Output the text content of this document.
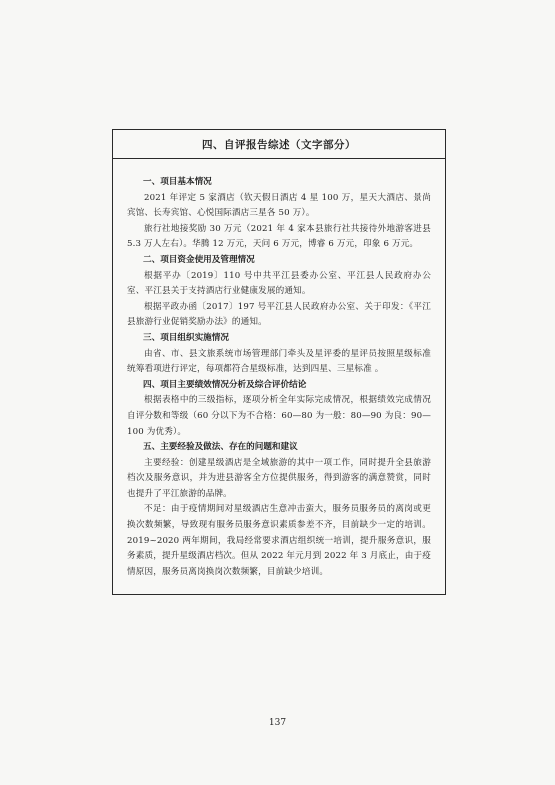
四、自评报告综述（文字部分）
一、项目基本情况
2021 年评定 5 家酒店（钦天假日酒店 4 星 100 万，星天大酒店、景尚宾馆、长寿宾馆、心悦国际酒店三星各 50 万）。
旅行社地接奖励 30 万元（2021 年 4 家本县旅行社共接待外地游客进县 5.3 万人左右）。华腾 12 万元，天问 6 万元，博睿 6 万元，印象 6 万元。
二、项目资金使用及管理情况
根据平办〔2019〕110 号中共平江县委办公室、平江县人民政府办公室、平江县关于支持酒店行业健康发展的通知。
根据平政办函〔2017〕197 号平江县人民政府办公室、关于印发：《平江县旅游行业促销奖励办法》的通知。
三、项目组织实施情况
由省、市、县文旅系统市场管理部门牵头及星评委的星评员按照星级标准统筹看项进行评定，每项都符合星级标准，达到四星、三星标准 。
四、项目主要绩效情况分析及综合评价结论
根据表格中的三级指标，逐项分析全年实际完成情况，根据绩效完成情况自评分数和等级（60 分以下为不合格：60—80 为一般：80—90 为良：90—100 为优秀）。
五、主要经验及做法、存在的问题和建议
主要经验：创建星级酒店是全域旅游的其中一项工作，同时提升全县旅游档次及服务意识，并为进县游客全方位提供服务，得到游客的满意赞赏，同时也提升了平江旅游的品牌。
不足：由于疫情期间对星级酒店生意冲击蛮大，服务员服务员的离岗或更换次数频繁，导致现有服务员服务意识素质参差不齐，目前缺少一定的培训。2019~2020 两年期间，我局经常要求酒店组织统一培训，提升服务意识，服务素质，提升星级酒店档次。但从 2022 年元月到 2022 年 3 月底止，由于疫情原因，服务员离岗换岗次数频繁，目前缺少培训。
137
